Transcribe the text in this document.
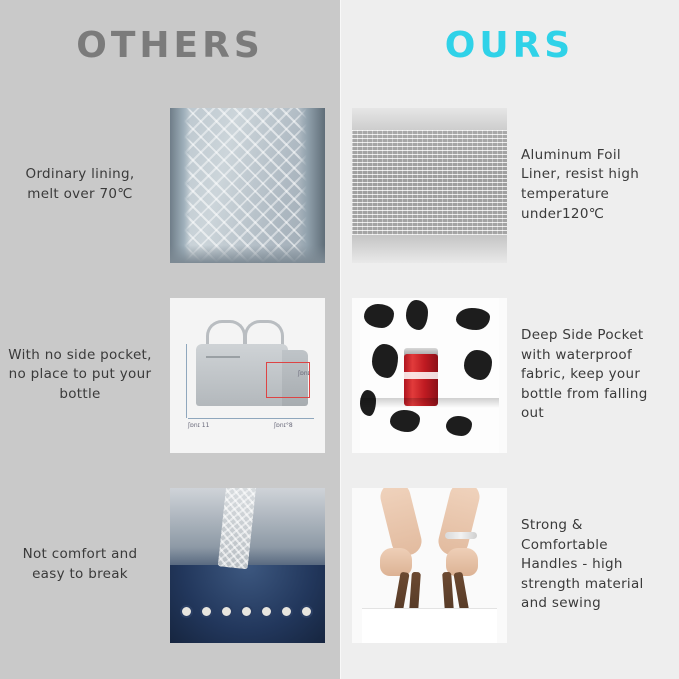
OTHERS
Ordinary lining, melt over 70℃
With no side pocket, no place to put your bottle
ʃɒnɪ
ʃɒnɪ 11	ʃɒnɪ°8
Not comfort and easy to break
OURS
Aluminum Foil Liner, resist high temperature under120℃
Deep Side Pocket with waterproof fabric, keep your bottle from falling out
Strong & Comfortable Handles - high strength material and sewing
